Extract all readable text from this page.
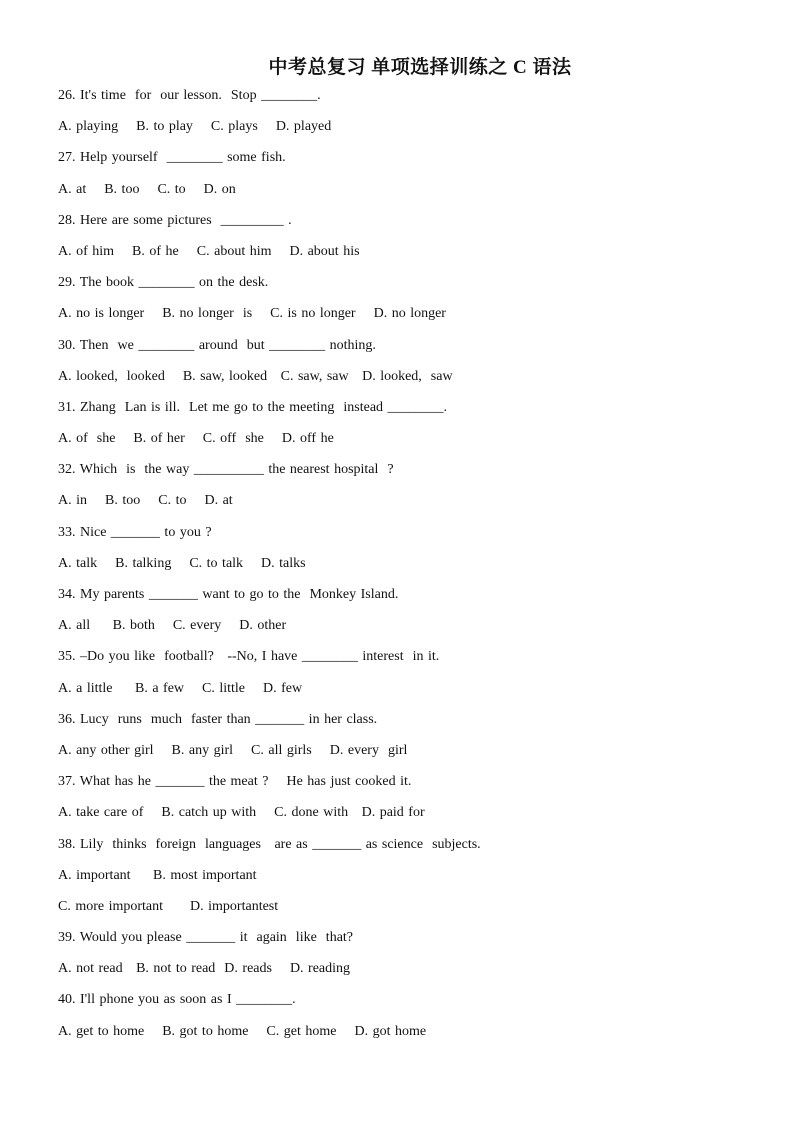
中考总复习 单项选择训练之 C 语法
26. It's time  for  our lesson.  Stop ________.
A. playing    B. to play    C. plays    D. played
27. Help yourself  ________ some fish.
A. at    B. too    C. to    D. on
28. Here are some pictures  _________ .
A. of him    B. of he    C. about him    D. about his
29. The book ________ on the desk.
A. no is longer    B. no longer  is    C. is no longer    D. no longer
30. Then  we ________ around  but ________ nothing.
A. looked,  looked    B. saw, looked   C. saw, saw   D. looked,  saw
31. Zhang  Lan is ill.  Let me go to the meeting  instead ________.
A. of  she    B. of her    C. off  she    D. off he
32. Which  is  the way __________ the nearest hospital  ?
A. in    B. too    C. to    D. at
33. Nice _______ to you ?
A. talk    B. talking    C. to talk    D. talks
34. My parents _______ want to go to the  Monkey Island.
A. all     B. both    C. every    D. other
35. –Do you like  football?   --No, I have ________ interest  in it.
A. a little     B. a few    C. little    D. few
36. Lucy  runs  much  faster than _______ in her class.
A. any other girl    B. any girl    C. all girls    D. every  girl
37. What has he _______ the meat ?    He has just cooked it.
A. take care of    B. catch up with    C. done with   D. paid for
38. Lily  thinks  foreign  languages   are as _______ as science  subjects.
A. important     B. most important
C. more important      D. importantest
39. Would you please _______ it  again  like  that?
A. not read   B. not to read  D. reads    D. reading
40. I'll phone you as soon as I ________.
A. get to home    B. got to home    C. get home    D. got home
